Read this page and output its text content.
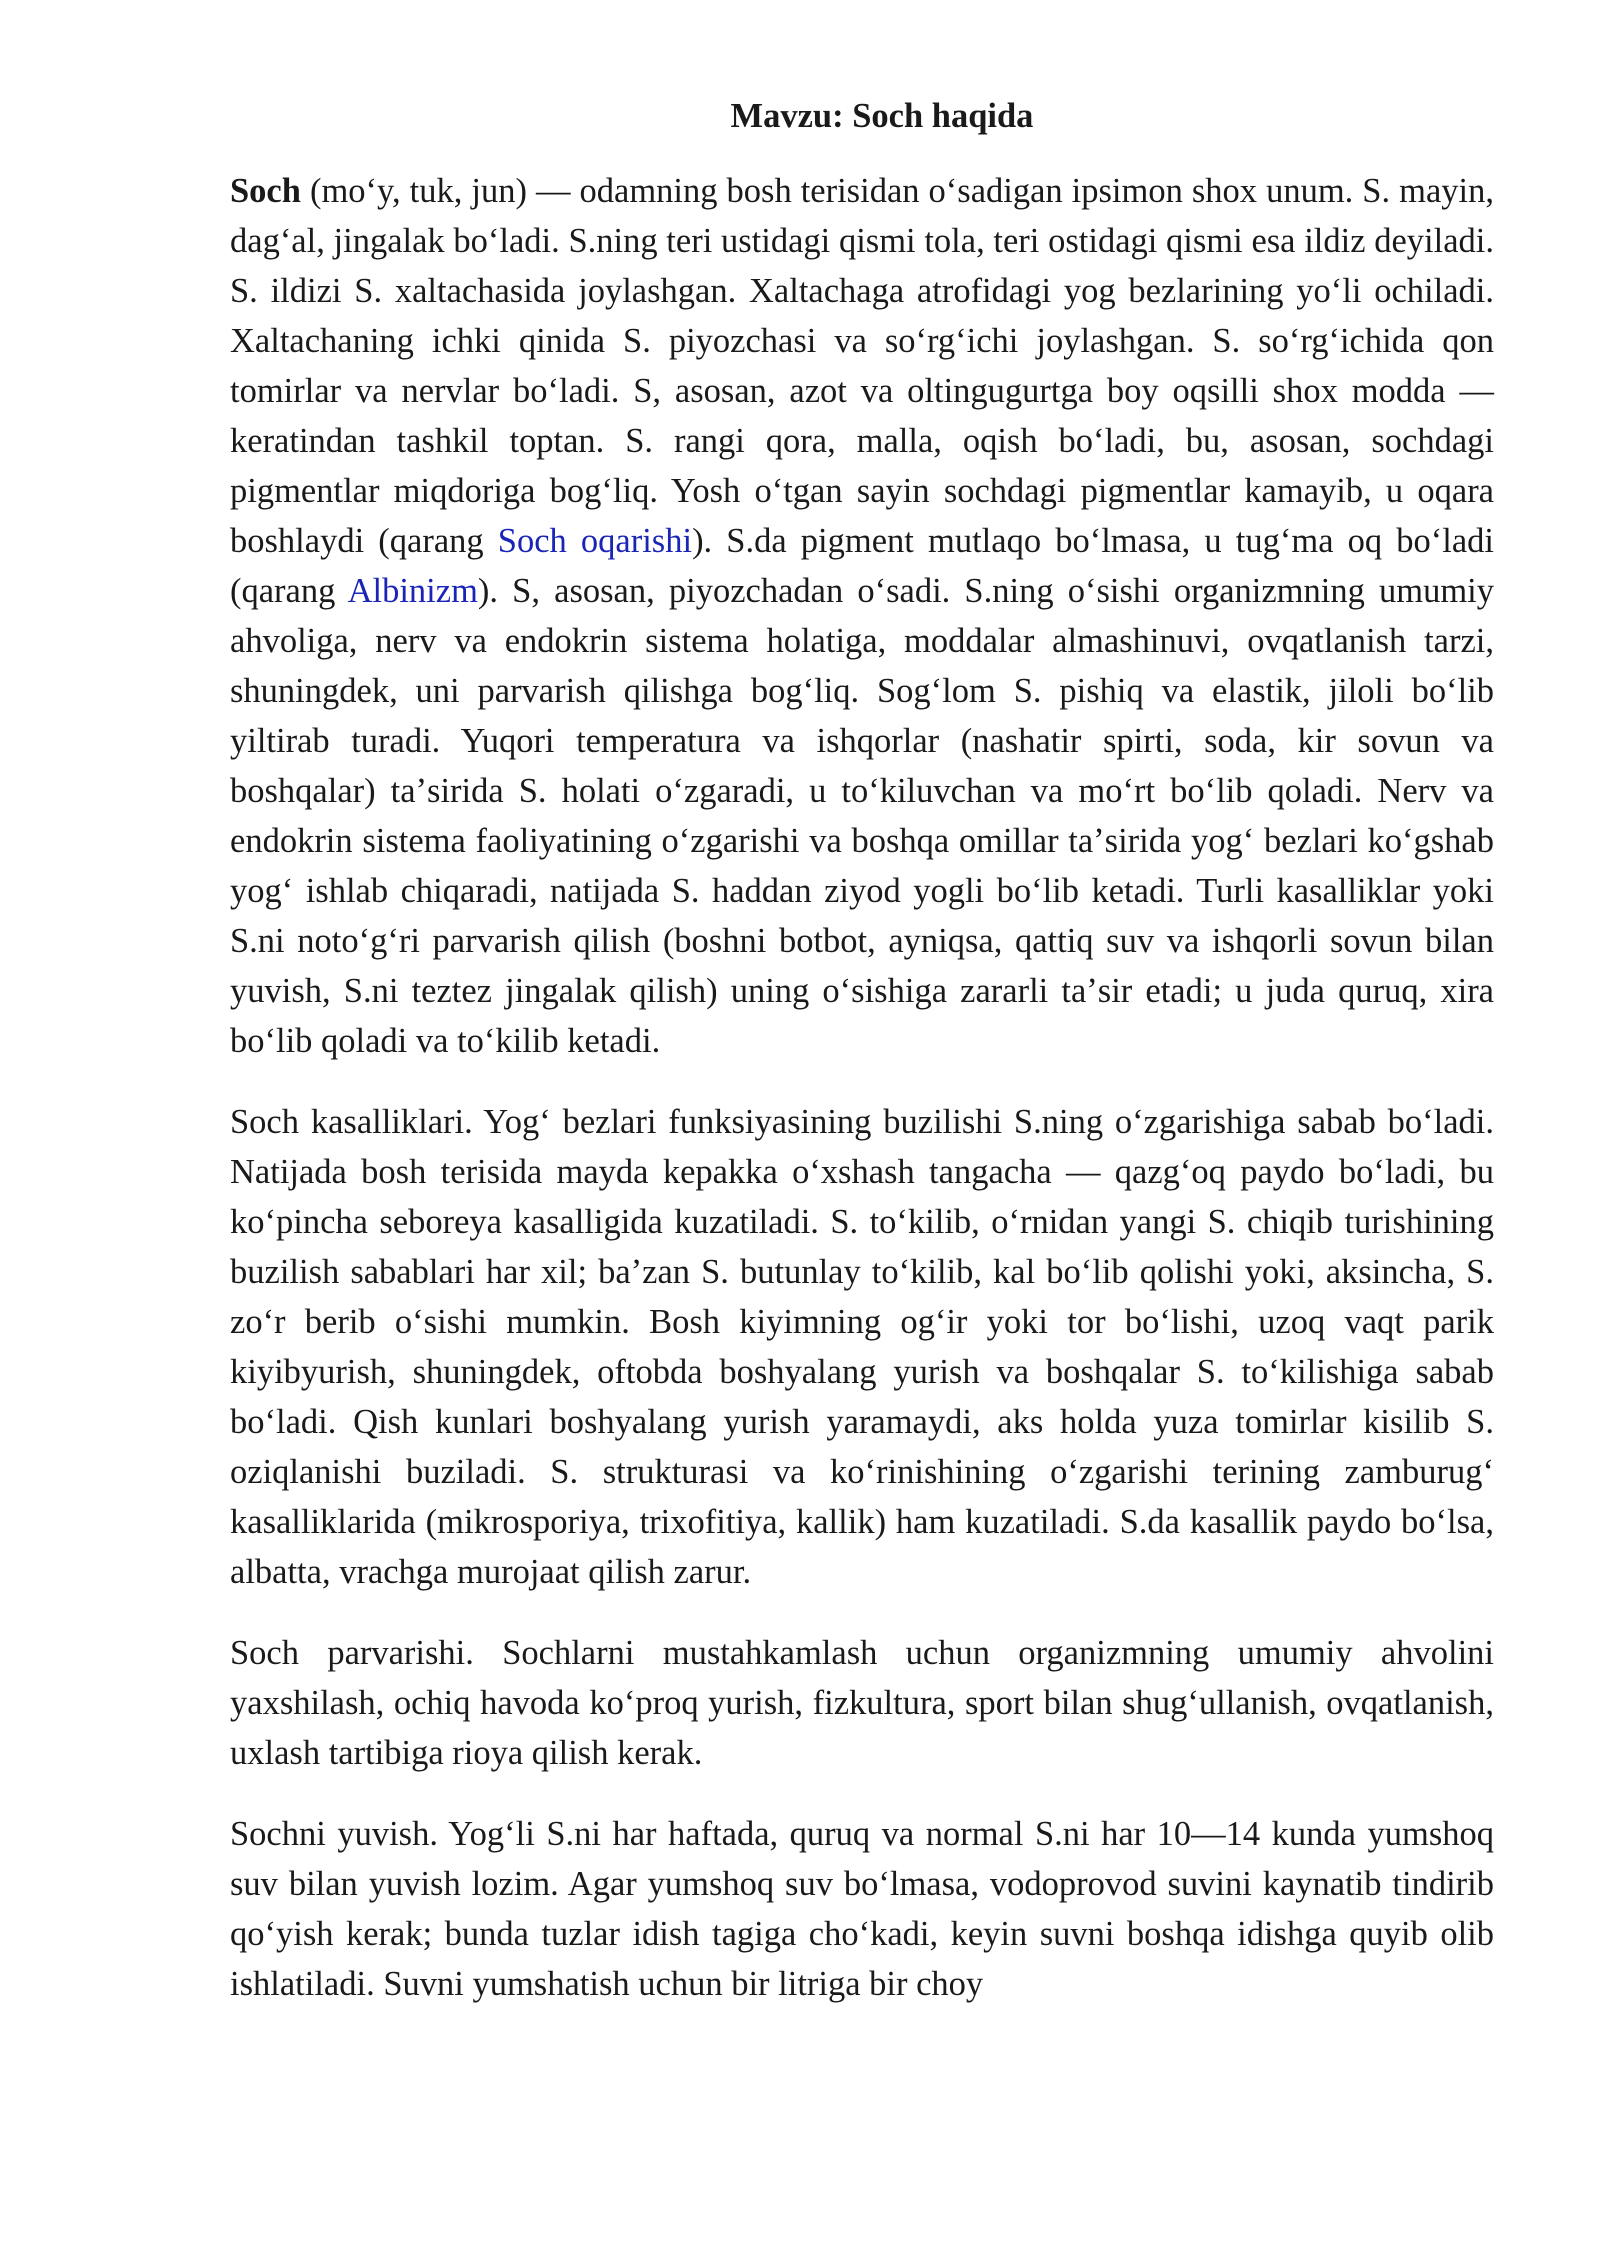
Mavzu: Soch haqida

Soch (moʻy, tuk, jun) — odamning bosh terisidan oʻsadigan ipsimon shox unum. S. mayin, dagʻal, jingalak boʻladi. S.ning teri ustidagi qismi tola, teri ostidagi qismi esa ildiz deyiladi. S. ildizi S. xaltachasida joylashgan. Xaltachaga atrofidagi yog bezlarining yoʻli ochiladi. Xaltachaning ichki qinida S. piyozchasi va soʻrgʻichi joylashgan. S. soʻrgʻichida qon tomirlar va nervlar boʻladi. S, asosan, azot va oltingugurtga boy oqsilli shox modda — keratindan tashkil toptan. S. rangi qora, malla, oqish boʻladi, bu, asosan, sochdagi pigmentlar miqdoriga bogʻliq. Yosh oʻtgan sayin sochdagi pigmentlar kamayib, u oqara boshlaydi (qarang Soch oqarishi). S.da pigment mutlaqo boʻlmasa, u tugʻma oq boʻladi (qarang Albinizm). S, asosan, piyozchadan oʻsadi. S.ning oʻsishi organizmning umumiy ahvoliga, nerv va endokrin sistema holatiga, moddalar almashinuvi, ovqatlanish tarzi, shuningdek, uni parvarish qilishga bogʻliq. Sogʻlom S. pishiq va elastik, jiloli boʻlib yiltirab turadi. Yuqori temperatura va ishqorlar (nashatir spirti, soda, kir sovun va boshqalar) taʼsirida S. holati oʻzgaradi, u toʻkiluvchan va moʻrt boʻlib qoladi. Nerv va endokrin sistema faoliyatining oʻzgarishi va boshqa omillar taʼsirida yogʻ bezlari koʻgshab yogʻ ishlab chiqaradi, natijada S. haddan ziyod yogli boʻlib ketadi. Turli kasalliklar yoki S.ni notoʻgʻri parvarish qilish (boshni botbot, ayniqsa, qattiq suv va ishqorli sovun bilan yuvish, S.ni teztez jingalak qilish) uning oʻsishiga zararli taʼsir etadi; u juda quruq, xira boʻlib qoladi va toʻkilib ketadi.

Soch kasalliklari. Yogʻ bezlari funksiyasining buzilishi S.ning oʻzgarishiga sabab boʻladi. Natijada bosh terisida mayda kepakka oʻxshash tangacha — qazgʻoq paydo boʻladi, bu koʻpincha seboreya kasalligida kuzatiladi. S. toʻkilib, oʻrnidan yangi S. chiqib turishining buzilish sabablari har xil; baʼzan S. butunlay toʻkilib, kal boʻlib qolishi yoki, aksincha, S. zoʻr berib oʻsishi mumkin. Bosh kiyimning ogʻir yoki tor boʻlishi, uzoq vaqt parik kiyibyurish, shuningdek, oftobda boshyalang yurish va boshqalar S. toʻkilishiga sabab boʻladi. Qish kunlari boshyalang yurish yaramaydi, aks holda yuza tomirlar kisilib S. oziqlanishi buziladi. S. strukturasi va koʻrinishining oʻzgarishi terining zamburugʻ kasalliklarida (mikrosporiya, trixofitiya, kallik) ham kuzatiladi. S.da kasallik paydo boʻlsa, albatta, vrachga murojaat qilish zarur.

Soch parvarishi. Sochlarni mustahkamlash uchun organizmning umumiy ahvolini yaxshilash, ochiq havoda koʻproq yurish, fizkultura, sport bilan shugʻullanish, ovqatlanish, uxlash tartibiga rioya qilish kerak.

Sochni yuvish. Yogʻli S.ni har haftada, quruq va normal S.ni har 10—14 kunda yumshoq suv bilan yuvish lozim. Agar yumshoq suv boʻlmasa, vodoprovod suvini kaynatib tindirib qoʻyish kerak; bunda tuzlar idish tagiga choʻkadi, keyin suvni boshqa idishga quyib olib ishlatiladi. Suvni yumshatish uchun bir litriga bir choy
